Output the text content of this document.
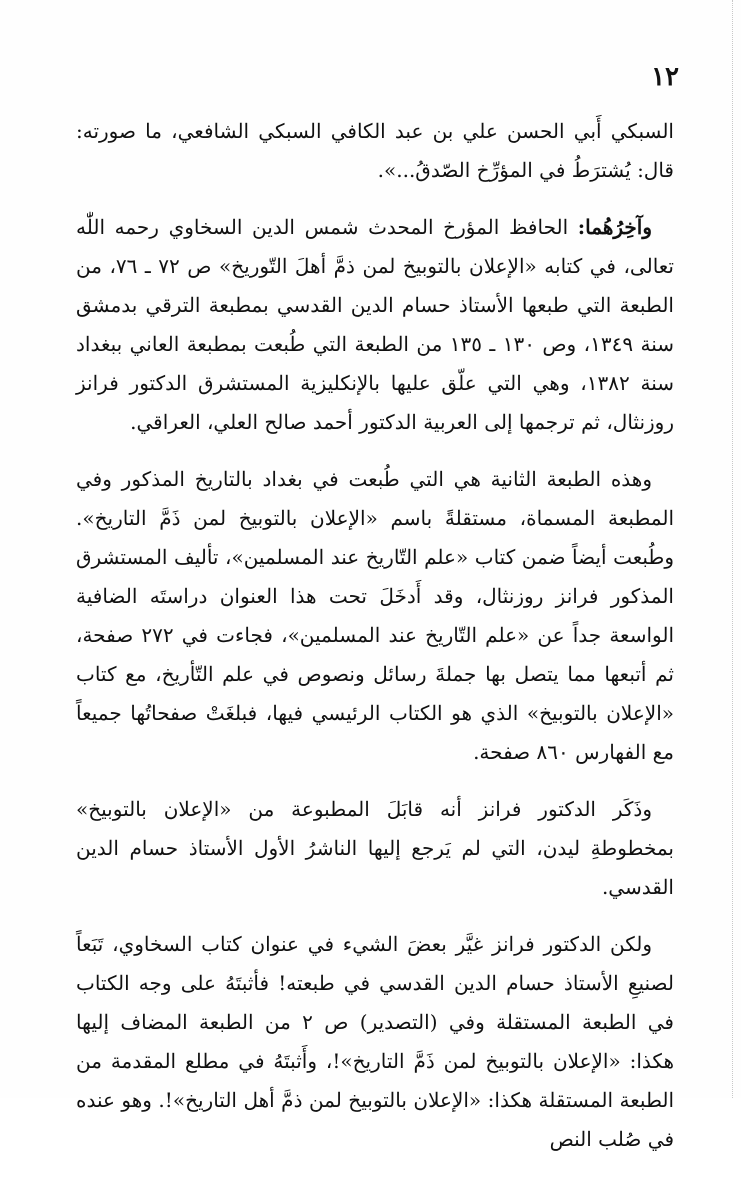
١٢

السبكي أَبي الحسن علي بن عبد الكافي السبكي الشافعي، ما صورته: قال: يُشترَطُ في المؤرِّخ الصّدقُ...».

وآخِرُهُما: الحافظ المؤرخ المحدث شمس الدين السخاوي رحمه اللّٰه تعالى، في كتابه «الإعلان بالتوبيخ لمن ذمَّ أهلَ التّوريخ» ص ٧٢ ـ ٧٦، من الطبعة التي طبعها الأستاذ حسام الدين القدسي بمطبعة الترقي بدمشق سنة ١٣٤٩، وص ١٣٠ ـ ١٣٥ من الطبعة التي طُبعت بمطبعة العاني ببغداد سنة ١٣٨٢، وهي التي علّق عليها بالإنكليزية المستشرق الدكتور فرانز روزنثال، ثم ترجمها إلى العربية الدكتور أحمد صالح العلي، العراقي.

وهذه الطبعة الثانية هي التي طُبعت في بغداد بالتاريخ المذكور وفي المطبعة المسماة، مستقلةً باسم «الإعلان بالتوبيخ لمن ذَمَّ التاريخ». وطُبعت أيضاً ضمن كتاب «علم التّاريخ عند المسلمين»، تأليف المستشرق المذكور فرانز روزنثال، وقد أَدخَلَ تحت هذا العنوان دراستَه الضافية الواسعة جداً عن «علم التّاريخ عند المسلمين»، فجاءت في ٢٧٢ صفحة، ثم أتبعها مما يتصل بها جملةَ رسائل ونصوص في علم التّأريخ، مع كتاب «الإعلان بالتوبيخ» الذي هو الكتاب الرئيسي فيها، فبلغَتْ صفحاتُها جميعاً مع الفهارس ٨٦٠ صفحة.

وذَكَر الدكتور فرانز أنه قابَلَ المطبوعة من «الإعلان بالتوبيخ» بمخطوطةِ ليدن، التي لم يَرجع إليها الناشرُ الأول الأستاذ حسام الدين القدسي.

ولكن الدكتور فرانز غيَّر بعضَ الشيء في عنوان كتاب السخاوي، تَبَعاً لصنيعِ الأستاذ حسام الدين القدسي في طبعته! فأثبتَهُ على وجه الكتاب في الطبعة المستقلة وفي (التصدير) ص ٢ من الطبعة المضاف إليها هكذا: «الإعلان بالتوبيخ لمن ذَمَّ التاريخ»!، وأَثبتَهُ في مطلع المقدمة من الطبعة المستقلة هكذا: «الإعلان بالتوبيخ لمن ذمَّ أهل التاريخ»!. وهو عنده في صُلب النص
